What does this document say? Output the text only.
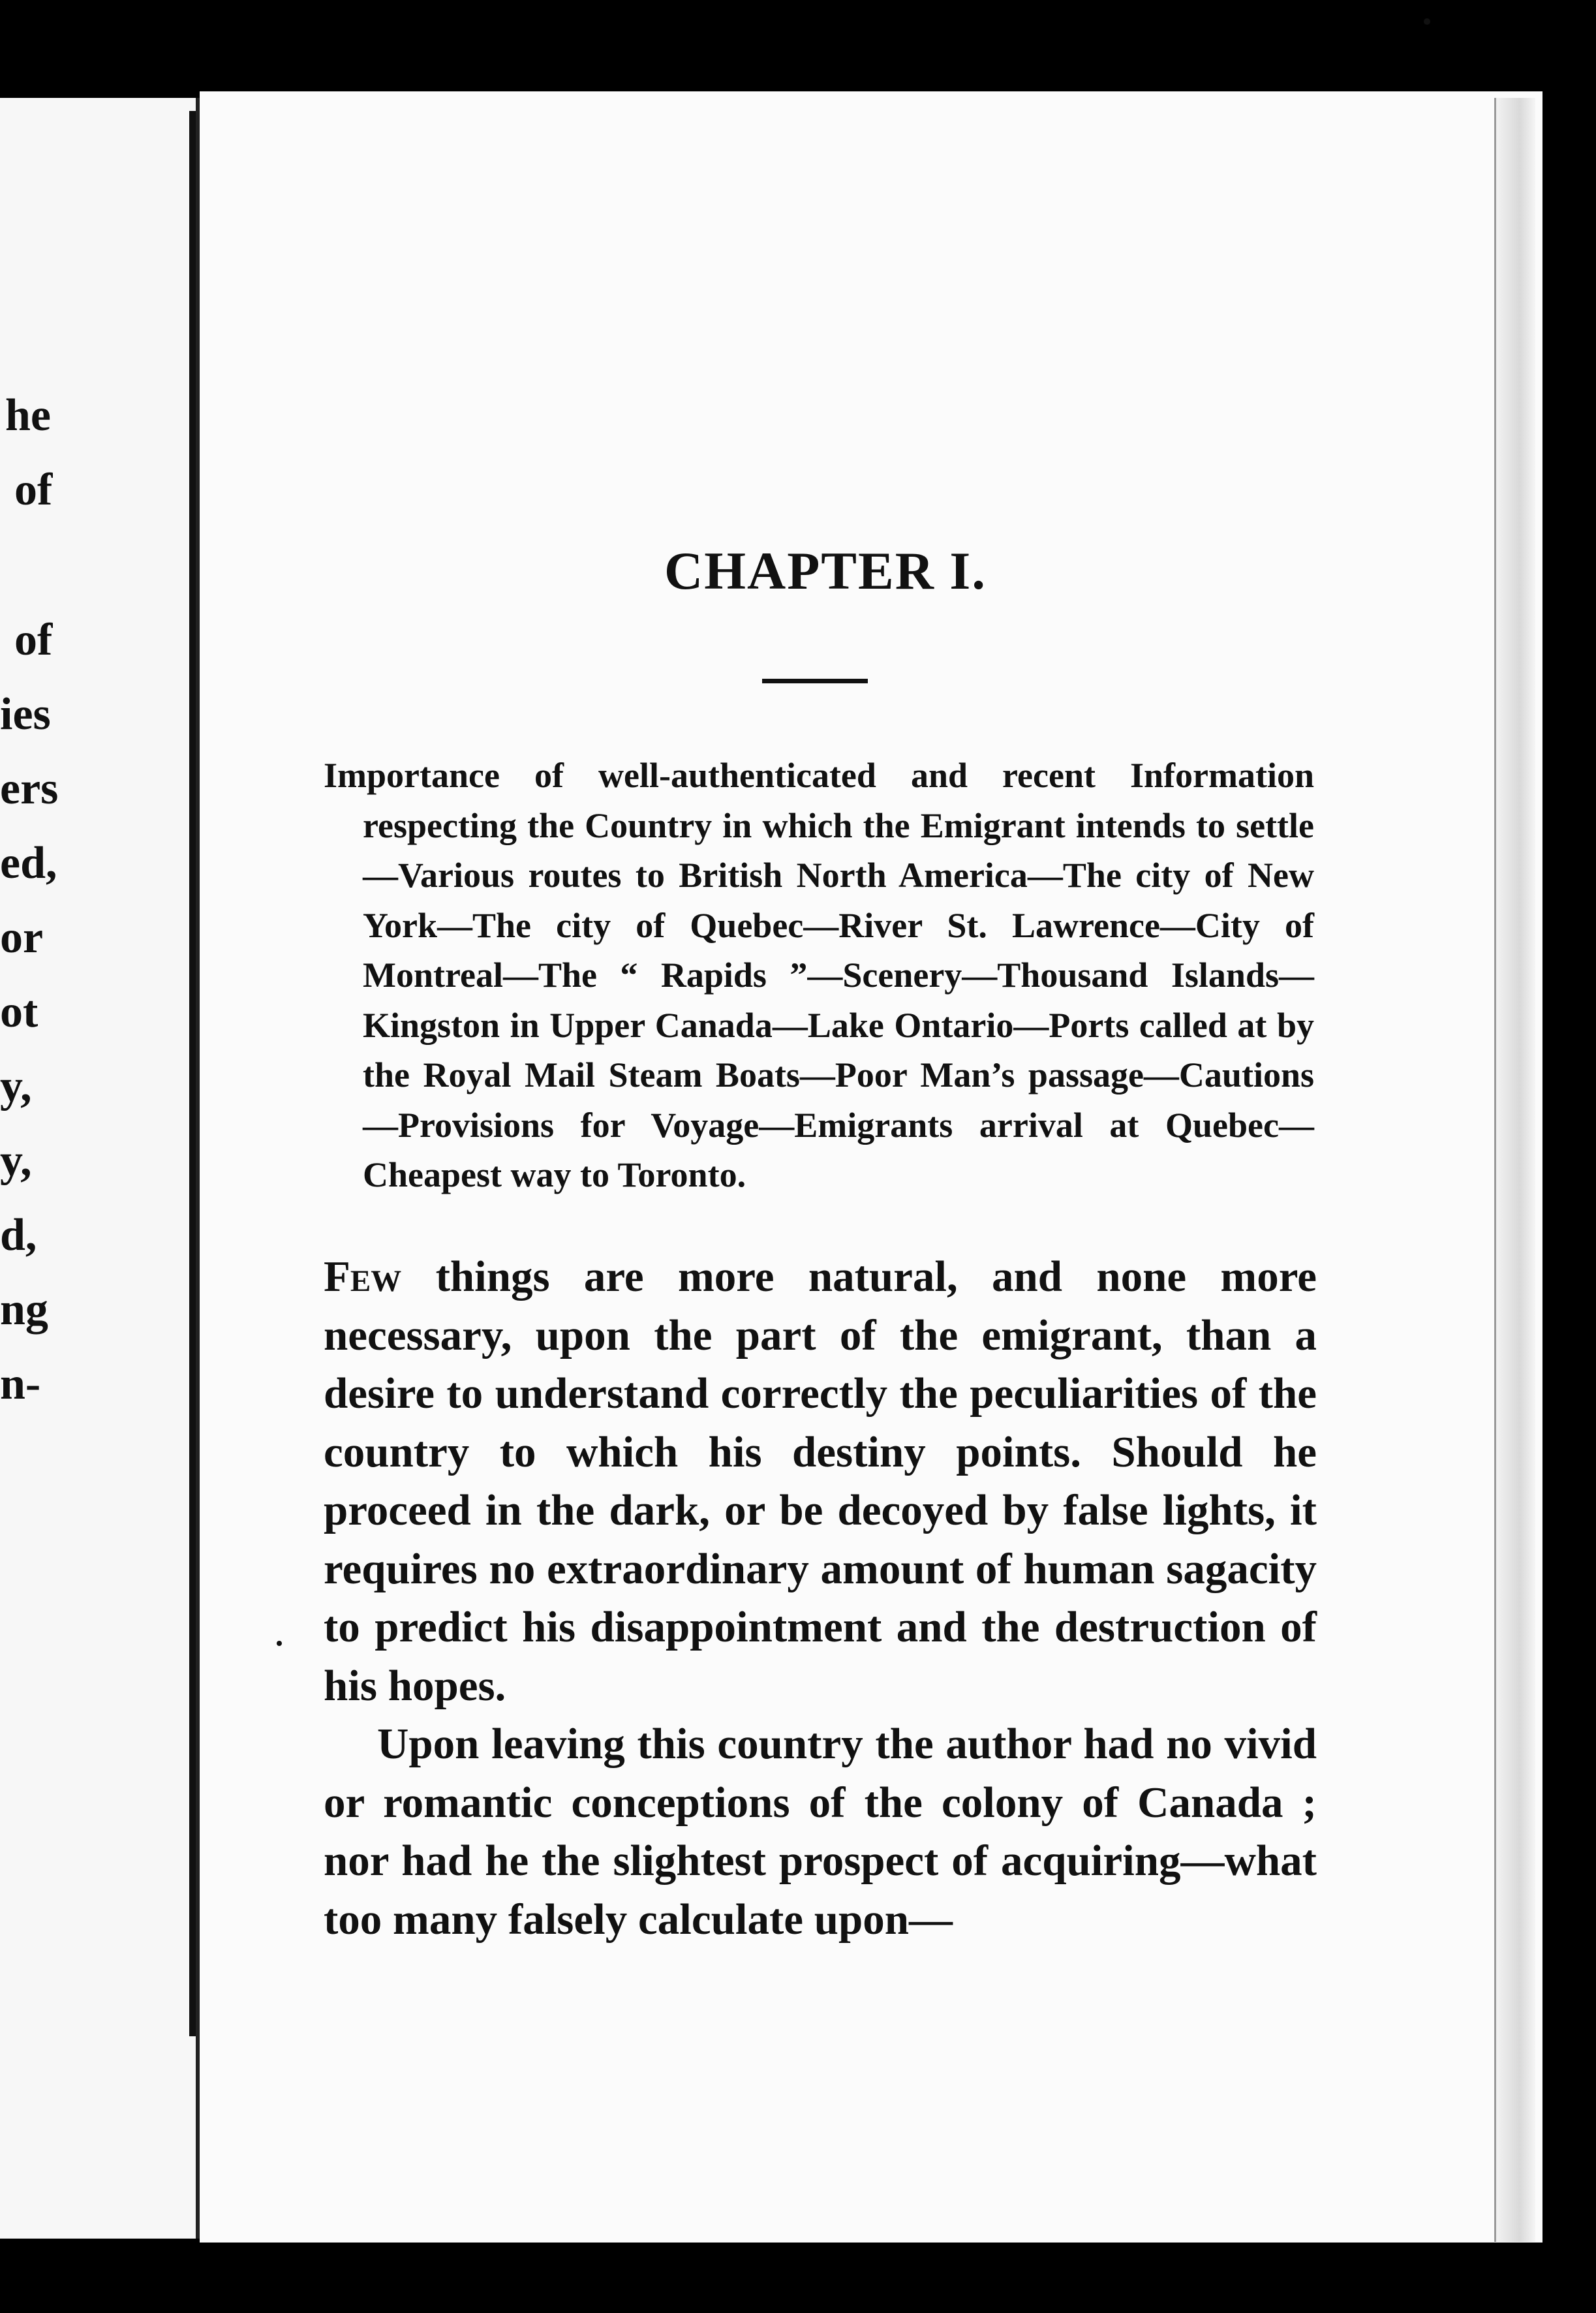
he
of
of
ies
ers
ed,
or
ot
y,
y,
d,
ng
n-
CHAPTER I.
Importance of well-authenticated and recent Information respecting the Country in which the Emigrant intends to settle—Various routes to British North America—The city of New York—The city of Quebec—River St. Lawrence—City of Montreal—The “ Rapids ”—Scenery—Thousand Islands—Kingston in Upper Canada—Lake Ontario—Ports called at by the Royal Mail Steam Boats—Poor Man’s passage—Cautions—Provisions for Voyage—Emigrants arrival at Quebec—Cheapest way to Toronto.

Few things are more natural, and none more necessary, upon the part of the emigrant, than a desire to understand correctly the peculiarities of the country to which his destiny points. Should he proceed in the dark, or be decoyed by false lights, it requires no extraordinary amount of human sagacity to predict his disappointment and the destruction of his hopes.

Upon leaving this country the author had no vivid or romantic conceptions of the colony of Canada ; nor had he the slightest prospect of acquiring—what too many falsely calculate upon—
